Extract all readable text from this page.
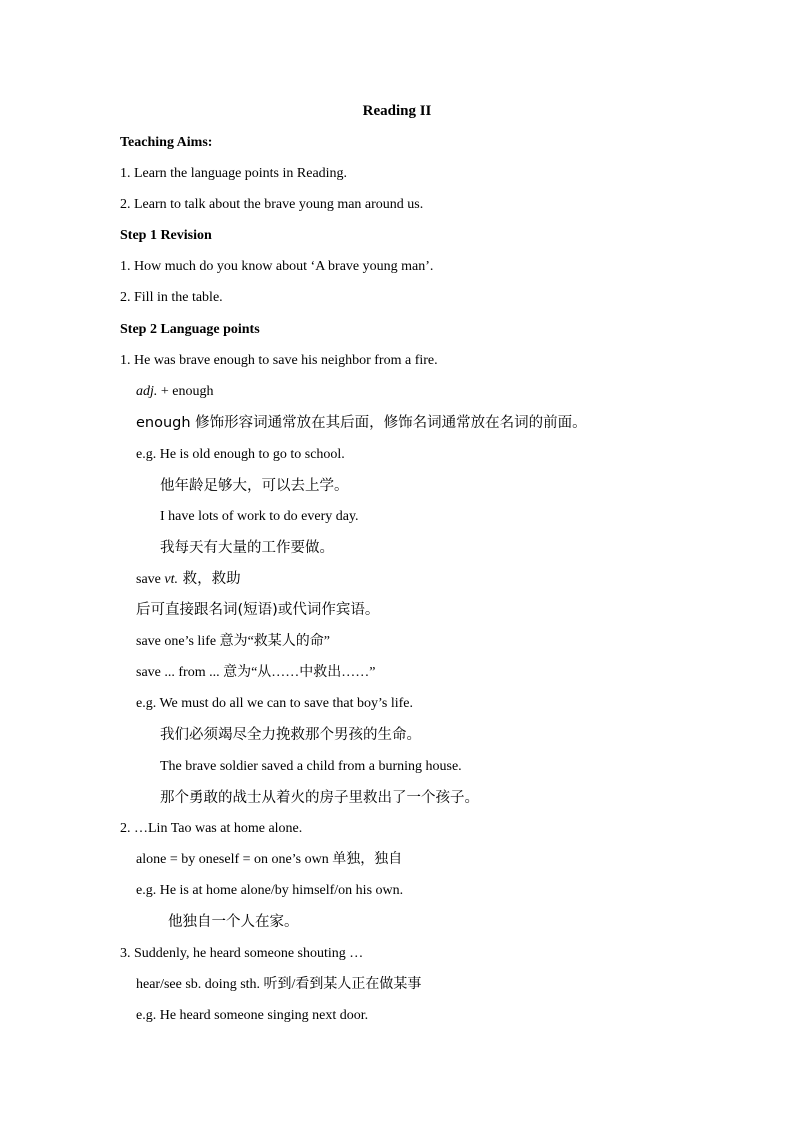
Reading II
Teaching Aims:
1. Learn the language points in Reading.
2. Learn to talk about the brave young man around us.
Step 1 Revision
1. How much do you know about ‘A brave young man’.
2. Fill in the table.
Step 2 Language points
1. He was brave enough to save his neighbor from a fire.
adj. + enough
enough 修饰形容词通常放在其后面，修饰名词通常放在名词的前面。
e.g. He is old enough to go to school.
他年龄足够大，可以去上学。
I have lots of work to do every day.
我每天有大量的工作要做。
save vt. 救，救助
后可直接跟名词(短语)或代词作宾语。
save one’s life 意为“救某人的命”
save ... from ... 意为“从……中救出……”
e.g. We must do all we can to save that boy’s life.
我们必须竭尽全力挽救那个男孩的生命。
The brave soldier saved a child from a burning house.
那个勇敢的战士从着火的房子里救出了一个孩子。
2. …Lin Tao was at home alone.
alone = by oneself = on one’s own 单独，独自
e.g. He is at home alone/by himself/on his own.
他独自一个人在家。
3. Suddenly, he heard someone shouting …
hear/see sb. doing sth. 听到/看到某人正在做某事
e.g. He heard someone singing next door.
